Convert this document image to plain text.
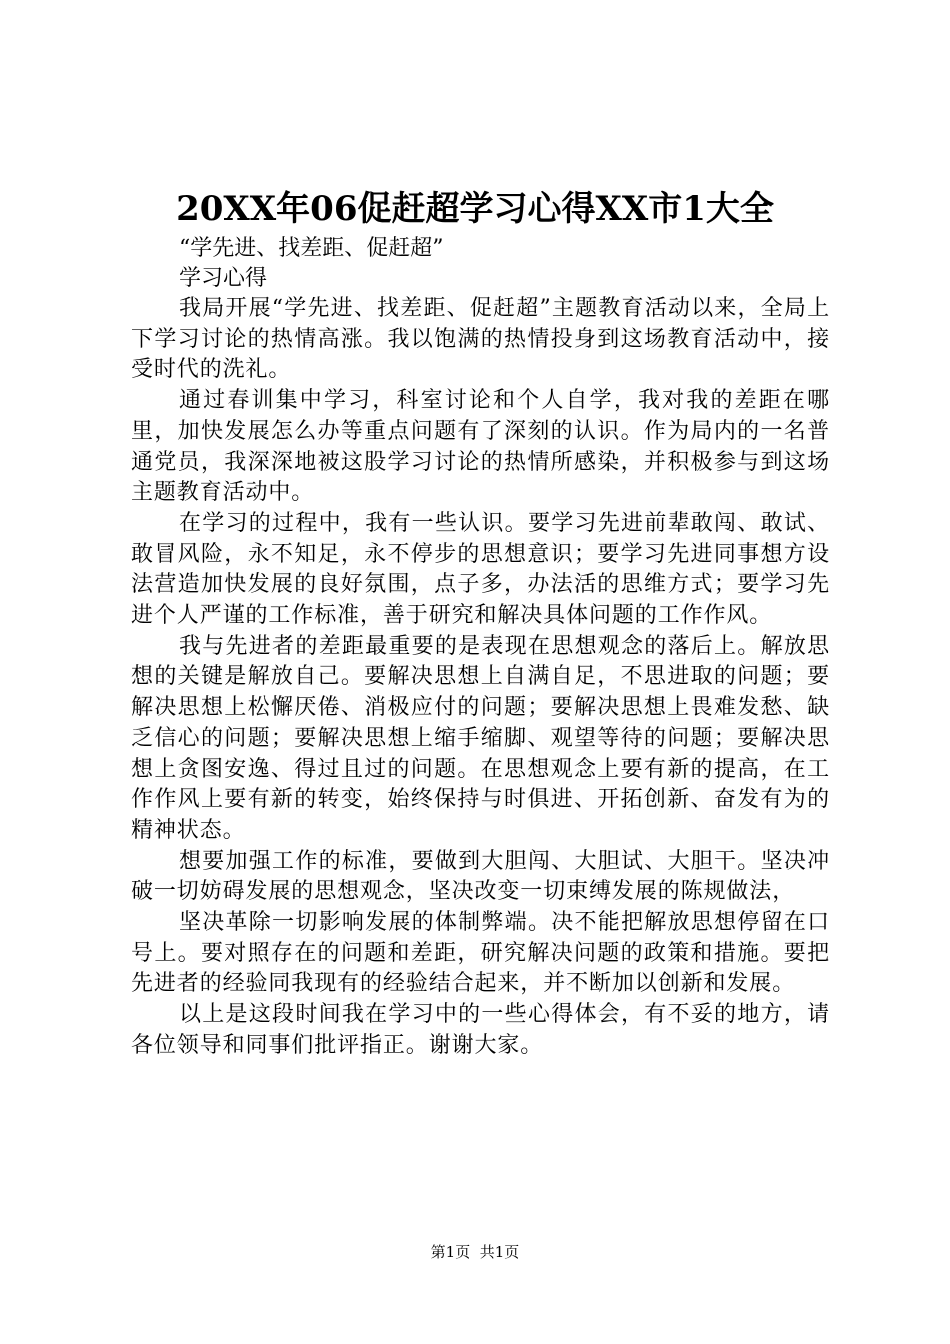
20XX年06促赶超学习心得XX市1大全

“学先进、找差距、促赶超”

学习心得

我局开展“学先进、找差距、促赶超”主题教育活动以来，全局上下学习讨论的热情高涨。我以饱满的热情投身到这场教育活动中，接受时代的洗礼。

通过春训集中学习，科室讨论和个人自学，我对我的差距在哪里，加快发展怎么办等重点问题有了深刻的认识。作为局内的一名普通党员，我深深地被这股学习讨论的热情所感染，并积极参与到这场主题教育活动中。

在学习的过程中，我有一些认识。要学习先进前辈敢闯、敢试、敢冒风险，永不知足，永不停步的思想意识；要学习先进同事想方设法营造加快发展的良好氛围，点子多，办法活的思维方式；要学习先进个人严谨的工作标准，善于研究和解决具体问题的工作作风。

我与先进者的差距最重要的是表现在思想观念的落后上。解放思想的关键是解放自己。要解决思想上自满自足，不思进取的问题；要解决思想上松懈厌倦、消极应付的问题；要解决思想上畏难发愁、缺乏信心的问题；要解决思想上缩手缩脚、观望等待的问题；要解决思想上贪图安逸、得过且过的问题。在思想观念上要有新的提高，在工作作风上要有新的转变，始终保持与时俱进、开拓创新、奋发有为的精神状态。

想要加强工作的标准，要做到大胆闯、大胆试、大胆干。坚决冲破一切妨碍发展的思想观念，坚决改变一切束缚发展的陈规做法，

坚决革除一切影响发展的体制弊端。决不能把解放思想停留在口号上。要对照存在的问题和差距，研究解决问题的政策和措施。要把先进者的经验同我现有的经验结合起来，并不断加以创新和发展。

以上是这段时间我在学习中的一些心得体会，有不妥的地方，请各位领导和同事们批评指正。谢谢大家。

第1页 共1页
